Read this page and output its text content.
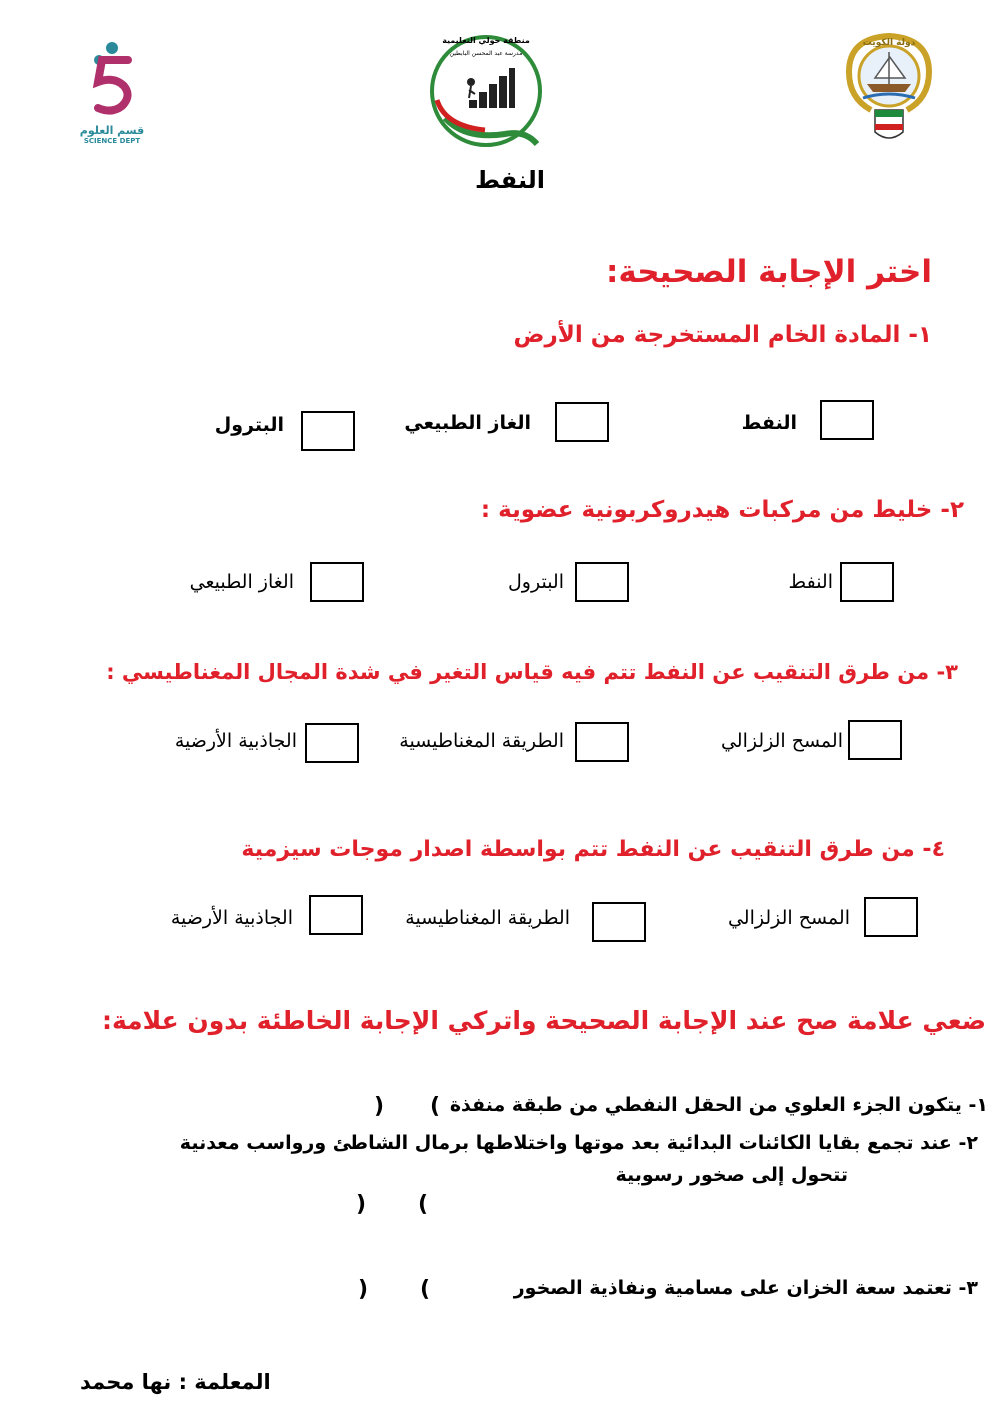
قسم العلوم
SCIENCE DEPT
منطقة حولي التعليمية
مدرسة عبد المحسن البابطين
دولة الكويت
النفط
اختر الإجابة الصحيحة:
١- المادة الخام المستخرجة من الأرض
النفط
الغاز الطبيعي
البترول
٢- خليط من مركبات هيدروكربونية عضوية :
النفط
البترول
الغاز الطبيعي
٣- من طرق التنقيب عن النفط تتم فيه قياس التغير في شدة المجال المغناطيسي :
المسح الزلزالي
الطريقة المغناطيسية
الجاذبية الأرضية
٤- من طرق التنقيب عن النفط تتم بواسطة اصدار موجات سيزمية
المسح الزلزالي
الطريقة المغناطيسية
الجاذبية الأرضية
ضعي علامة صح عند الإجابة الصحيحة واتركي الإجابة الخاطئة بدون علامة:
١- يتكون الجزء العلوي من الحقل النفطي من طبقة منفذة
) (
٢- عند تجمع بقايا الكائنات البدائية بعد موتها واختلاطها برمال الشاطئ ورواسب معدنية
تتحول إلى صخور رسوبية
) (
٣- تعتمد سعة الخزان على مسامية ونفاذية الصخور
) (
المعلمة : نها محمد
